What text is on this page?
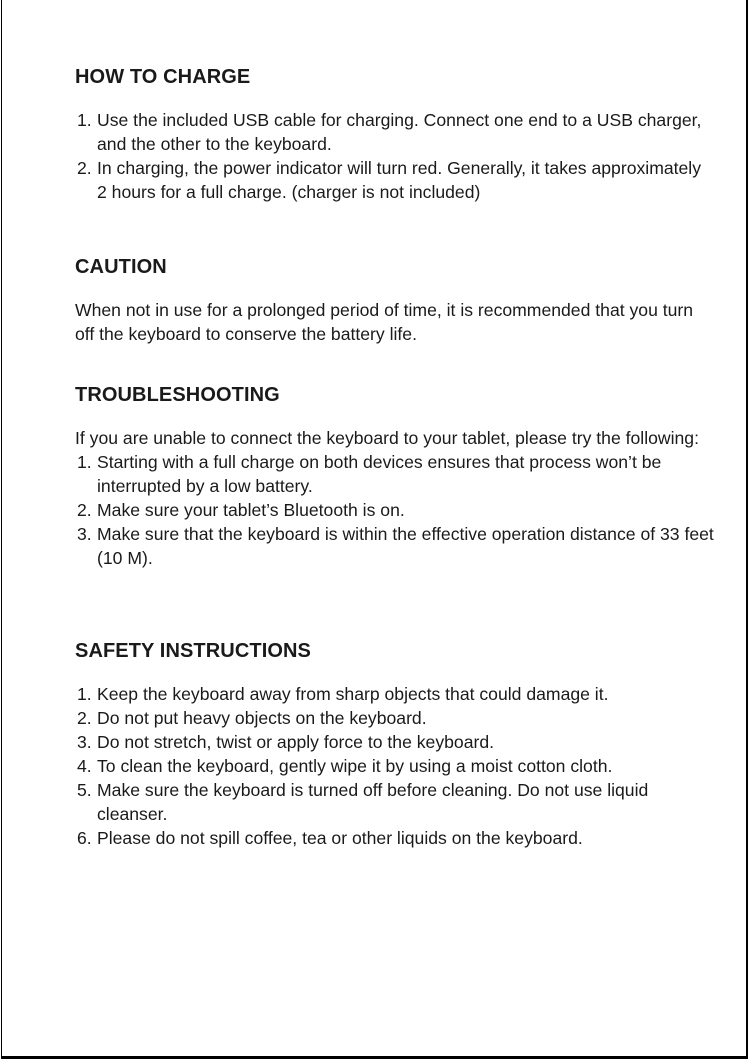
HOW TO CHARGE
1. Use the included USB cable for charging. Connect one end to a USB charger, and the other to the keyboard.
2. In charging, the power indicator will turn red. Generally, it takes approximately 2 hours for a full charge. (charger is not included)
CAUTION

When not in use for a prolonged period of time, it is recommended that you turn off the keyboard to conserve the battery life.

TROUBLESHOOTING

If you are unable to connect the keyboard to your tablet, please try the following:

1. Starting with a full charge on both devices ensures that process won’t be interrupted by a low battery.
2. Make sure your tablet’s Bluetooth is on.
3. Make sure that the keyboard is within the effective operation distance of 33 feet (10 M).
SAFETY INSTRUCTIONS
1. Keep the keyboard away from sharp objects that could damage it.
2. Do not put heavy objects on the keyboard.
3. Do not stretch, twist or apply force to the keyboard.
4. To clean the keyboard, gently wipe it by using a moist cotton cloth.
5. Make sure the keyboard is turned off before cleaning. Do not use liquid cleanser.
6. Please do not spill coffee, tea or other liquids on the keyboard.
